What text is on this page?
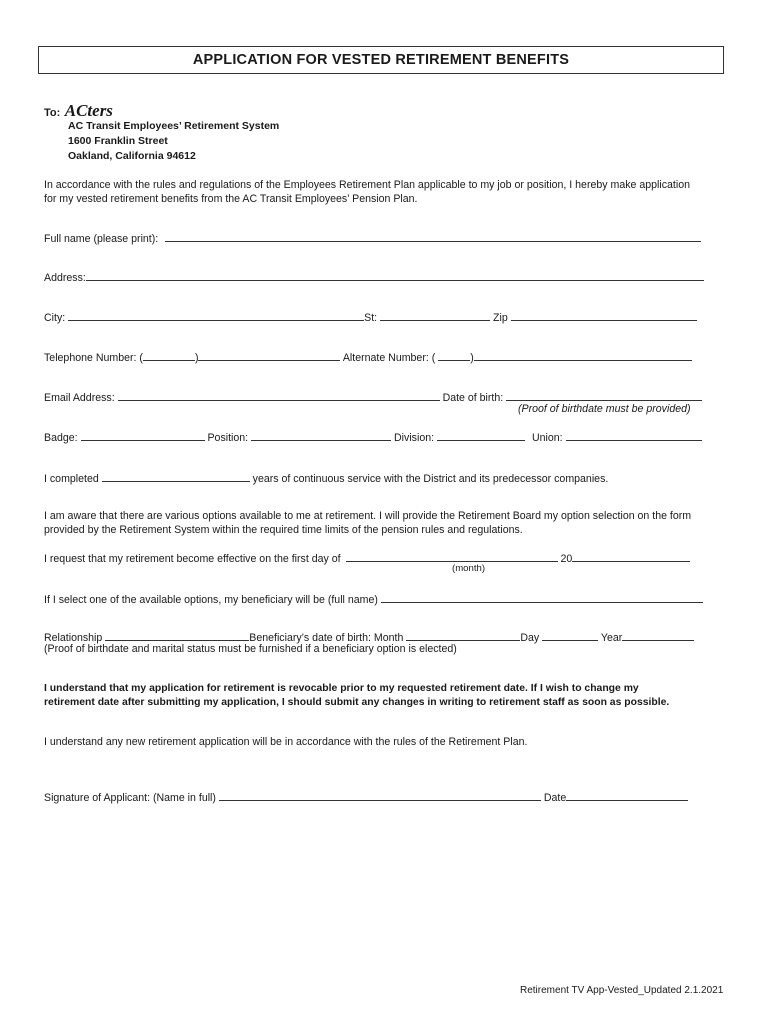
APPLICATION FOR VESTED RETIREMENT BENEFITS
To: ACters
AC Transit Employees’ Retirement System
1600 Franklin Street
Oakland, California 94612
In accordance with the rules and regulations of the Employees Retirement Plan applicable to my job or position, I hereby make application
for my vested retirement benefits from the AC Transit Employees’ Pension Plan.
Full name (please print):
Address:
City:	St:	Zip
Telephone Number: (	)	Alternate Number: (	)
Email Address:	Date of birth:
(Proof of birthdate must be provided)
Badge:	Position:	Division:	Union:
I completed	years of continuous service with the District and its predecessor companies.
I am aware that there are various options available to me at retirement. I will provide the Retirement Board my option selection on the form
provided by the Retirement System within the required time limits of the pension rules and regulations.
I request that my retirement become effective on the first day of	20
(month)
If I select one of the available options, my beneficiary will be (full name)
Relationship	Beneficiary’s date of birth: Month	Day	Year
(Proof of birthdate and marital status must be furnished if a beneficiary option is elected)
I understand that my application for retirement is revocable prior to my requested retirement date. If I wish to change my
retirement date after submitting my application, I should submit any changes in writing to retirement staff as soon as possible.
I understand any new retirement application will be in accordance with the rules of the Retirement Plan.
Signature of Applicant: (Name in full)	Date
Retirement TV App-Vested_Updated 2.1.2021
